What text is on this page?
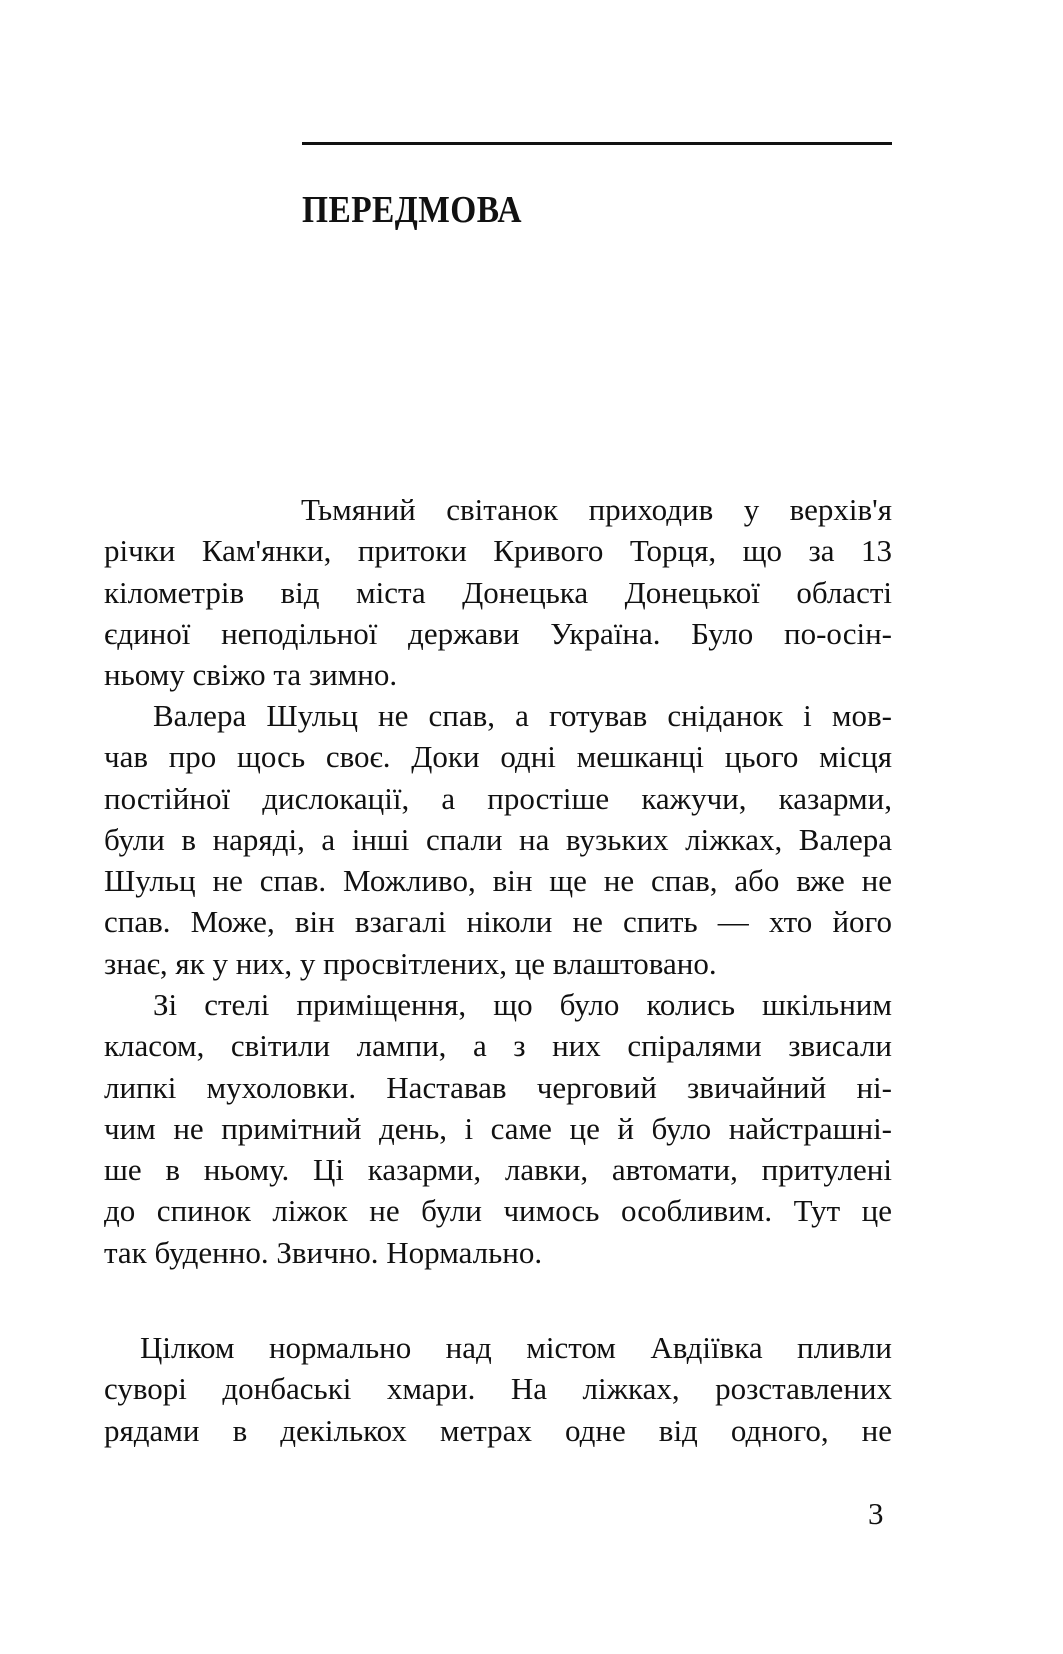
ПЕРЕДМОВА
Тьмяний світанок приходив у верхів'я
річки Кам'янки, притоки Кривого Торця, що за 13
кілометрів від міста Донецька Донецької області
єдиної неподільної держави Україна. Було по-осін-
ньому свіжо та зимно.
Валера Шульц не спав, а готував сніданок і мов-
чав про щось своє. Доки одні мешканці цього місця
постійної дислокації, а простіше кажучи, казарми,
були в наряді, а інші спали на вузьких ліжках, Валера
Шульц не спав. Можливо, він ще не спав, або вже не
спав. Може, він взагалі ніколи не спить — хто його
знає, як у них, у просвітлених, це влаштовано.
Зі стелі приміщення, що було колись шкільним
класом, світили лампи, а з них спіралями звисали
липкі мухоловки. Наставав черговий звичайний ні-
чим не примітний день, і саме це й було найстрашні-
ше в ньому. Ці казарми, лавки, автомати, притулені
до спинок ліжок не були чимось особливим. Тут це
так буденно. Звично. Нормально.
Цілком нормально над містом Авдіївка пливли
суворі донбаські хмари. На ліжках, розставлених
рядами в декількох метрах одне від одного, не
3
